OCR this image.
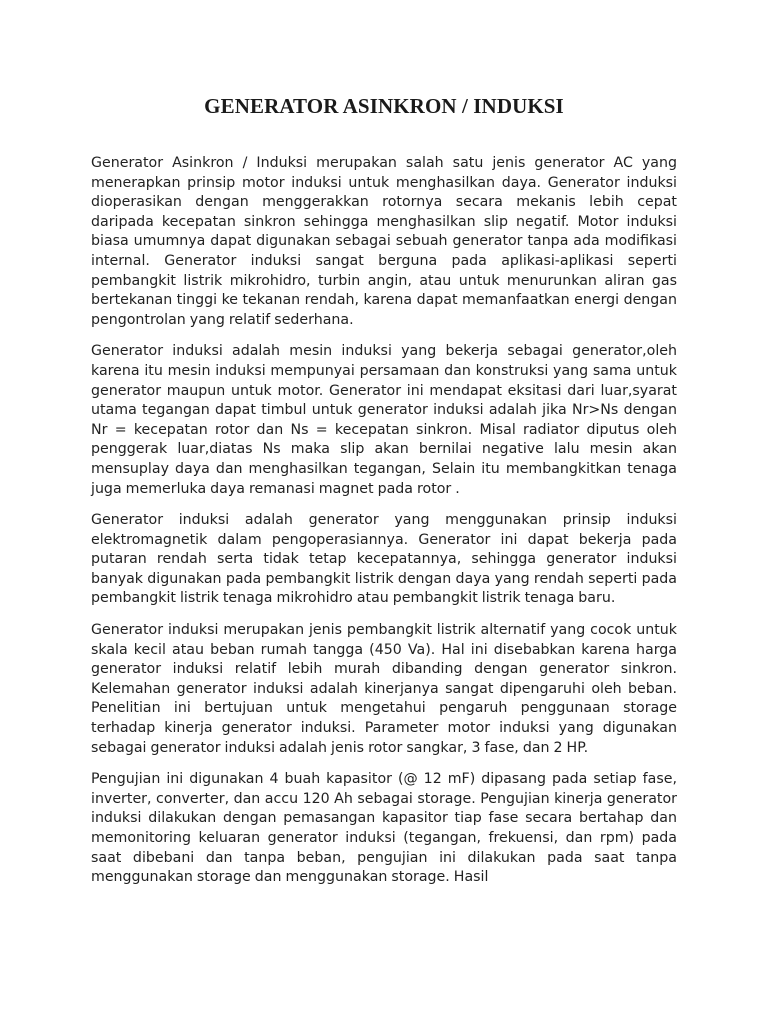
GENERATOR ASINKRON / INDUKSI

Generator Asinkron / Induksi merupakan salah satu jenis generator AC yang menerapkan prinsip motor induksi untuk menghasilkan daya. Generator induksi dioperasikan dengan menggerakkan rotornya secara mekanis lebih cepat daripada kecepatan sinkron sehingga menghasilkan slip negatif. Motor induksi biasa umumnya dapat digunakan sebagai sebuah generator tanpa ada modifikasi internal. Generator induksi sangat berguna pada aplikasi-aplikasi seperti pembangkit listrik mikrohidro, turbin angin, atau untuk menurunkan aliran gas bertekanan tinggi ke tekanan rendah, karena dapat memanfaatkan energi dengan pengontrolan yang relatif sederhana.

Generator induksi adalah mesin induksi yang bekerja sebagai generator,oleh karena itu mesin induksi mempunyai persamaan dan konstruksi yang sama untuk generator maupun untuk motor. Generator ini mendapat eksitasi dari luar,syarat utama tegangan dapat timbul untuk generator induksi adalah jika Nr>Ns dengan Nr = kecepatan rotor dan Ns = kecepatan sinkron. Misal radiator diputus oleh penggerak luar,diatas Ns maka slip akan bernilai negative lalu mesin akan mensuplay daya dan menghasilkan tegangan, Selain itu membangkitkan tenaga juga memerluka daya remanasi magnet pada rotor .

Generator induksi adalah generator yang menggunakan prinsip induksi elektromagnetik dalam pengoperasiannya. Generator ini dapat bekerja pada putaran rendah serta tidak tetap kecepatannya, sehingga generator induksi banyak digunakan pada pembangkit listrik dengan daya yang rendah seperti pada pembangkit listrik tenaga mikrohidro atau pembangkit listrik tenaga baru.

Generator induksi merupakan jenis pembangkit listrik alternatif yang cocok untuk skala kecil atau beban rumah tangga (450 Va). Hal ini disebabkan karena harga generator induksi relatif lebih murah dibanding dengan generator sinkron. Kelemahan generator induksi adalah kinerjanya sangat dipengaruhi oleh beban. Penelitian ini bertujuan untuk mengetahui pengaruh penggunaan storage terhadap kinerja generator induksi. Parameter motor induksi yang digunakan sebagai generator induksi adalah jenis rotor sangkar, 3 fase, dan 2 HP.

Pengujian ini digunakan 4 buah kapasitor (@ 12 mF) dipasang pada setiap fase, inverter, converter, dan accu 120 Ah sebagai storage. Pengujian kinerja generator induksi dilakukan dengan pemasangan kapasitor tiap fase secara bertahap dan memonitoring keluaran generator induksi (tegangan, frekuensi, dan rpm) pada saat dibebani dan tanpa beban, pengujian ini dilakukan pada saat tanpa menggunakan storage dan menggunakan storage. Hasil
